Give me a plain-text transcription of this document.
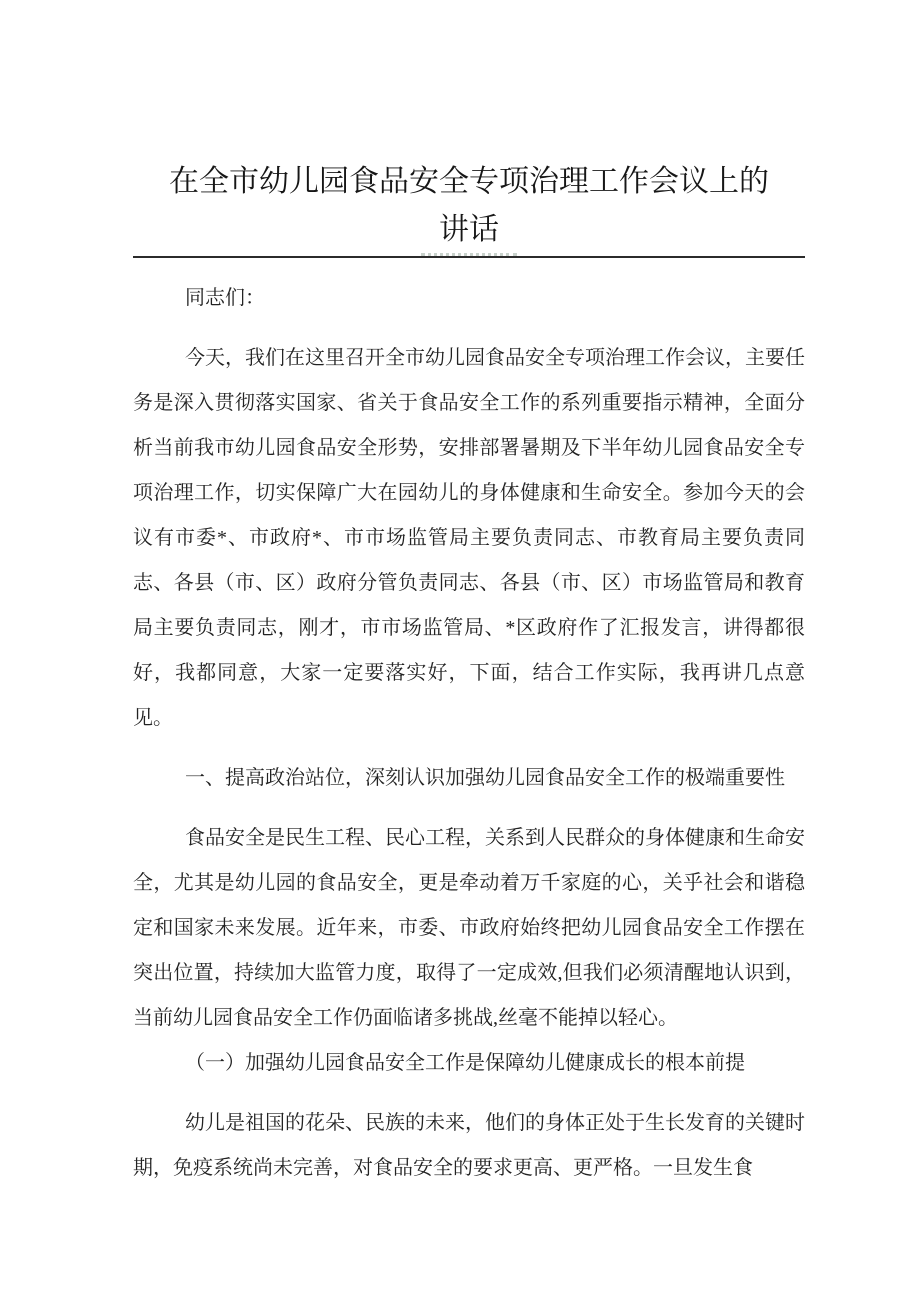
在全市幼儿园食品安全专项治理工作会议上的
讲话

同志们：

今天，我们在这里召开全市幼儿园食品安全专项治理工作会议，主要任务是深入贯彻落实国家、省关于食品安全工作的系列重要指示精神，全面分析当前我市幼儿园食品安全形势，安排部署暑期及下半年幼儿园食品安全专项治理工作，切实保障广大在园幼儿的身体健康和生命安全。参加今天的会议有市委*、市政府*、市市场监管局主要负责同志、市教育局主要负责同志、各县（市、区）政府分管负责同志、各县（市、区）市场监管局和教育局主要负责同志，刚才，市市场监管局、*区政府作了汇报发言，讲得都很好，我都同意，大家一定要落实好，下面，结合工作实际，我再讲几点意见。

一、提高政治站位，深刻认识加强幼儿园食品安全工作的极端重要性

食品安全是民生工程、民心工程，关系到人民群众的身体健康和生命安全，尤其是幼儿园的食品安全，更是牵动着万千家庭的心，关乎社会和谐稳定和国家未来发展。近年来，市委、市政府始终把幼儿园食品安全工作摆在突出位置，持续加大监管力度，取得了一定成效,但我们必须清醒地认识到，当前幼儿园食品安全工作仍面临诸多挑战,丝毫不能掉以轻心。

（一）加强幼儿园食品安全工作是保障幼儿健康成长的根本前提

幼儿是祖国的花朵、民族的未来，他们的身体正处于生长发育的关键时期，免疫系统尚未完善，对食品安全的要求更高、更严格。一旦发生食
